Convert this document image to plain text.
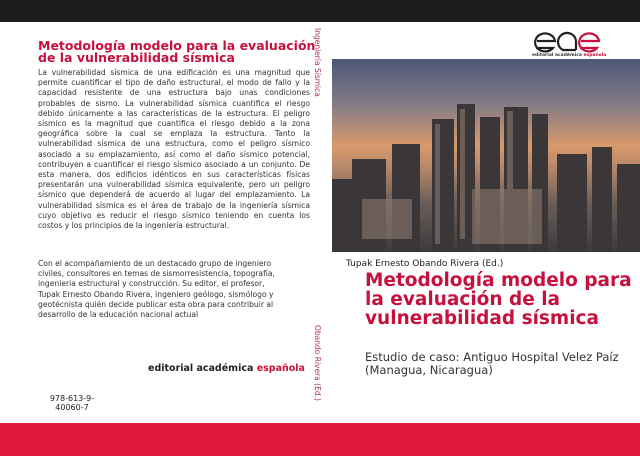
Metodología modelo para la evaluación de la vulnerabilidad sísmica
La vulnerabilidad sísmica de una edificación es una magnitud que permite cuantificar el tipo de daño estructural, el modo de fallo y la capacidad resistente de una estructura bajo unas condiciones probables de sismo. La vulnerabilidad sísmica cuantifica el riesgo debido únicamente a las características de la estructura. El peligro sísmico es la magnitud que cuantifica el riesgo debido a la zona geográfica sobre la cual se emplaza la estructura. Tanto la vulnerabilidad sísmica de una estructura, como el peligro sísmico asociado a su emplazamiento, así como el daño sísmico potencial, contribuyen a cuantificar el riesgo sísmico asociado a un conjunto. De esta manera, dos edificios idénticos en sus características físicas presentarán una vulnerabilidad sísmica equivalente, pero un peligro sísmico que dependerá de acuerdo al lugar del emplazamiento. La vulnerabilidad sísmica es el área de trabajo de la ingeniería sísmica cuyo objetivo es reducir el riesgo sísmico teniendo en cuenta los costos y los principios de la ingeniería estructural.
Con el acompañamiento de un destacado grupo de ingeniero civiles, consultores en temas de sismorresistencia, topografía, ingenieria estructural y construcción. Su editor, el profesor, Tupak Ernesto Obando Rivera, ingeniero geólogo, sismólogo y geotécnista quién decide publicar esta obra para contribuir al desarrollo de la educación nacional actual
978-613-9-40060-7
editorial académica española
Ingeniería Sísmica
Obando Rivera (Ed.)
editorial académica española
Tupak Ernesto Obando Rivera (Ed.)
Metodología modelo para la evaluación de la vulnerabilidad sísmica
Estudio de caso: Antiguo Hospital Velez Paíz (Managua, Nicaragua)
